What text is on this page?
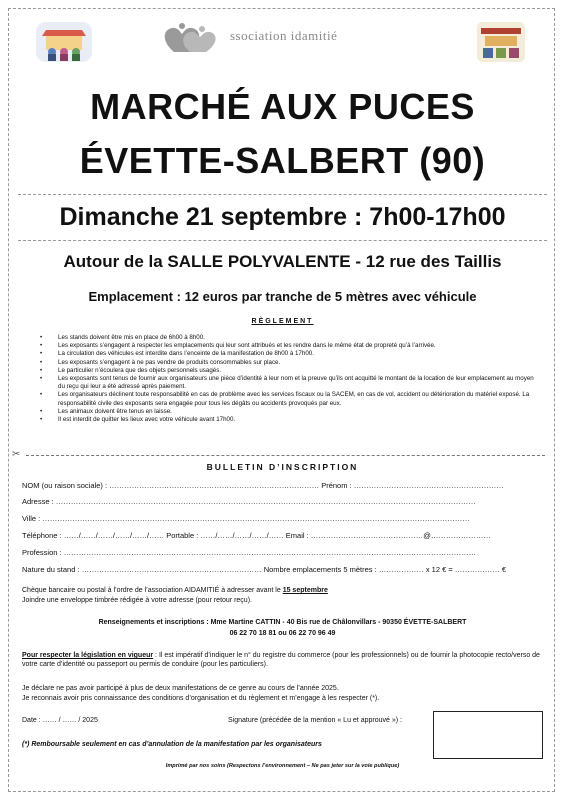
ssociation idamitié
MARCHÉ AUX PUCES
ÉVETTE-SALBERT (90)
Dimanche 21 septembre : 7h00-17h00
Autour de la SALLE POLYVALENTE - 12 rue des Taillis
Emplacement : 12 euros par tranche de 5 mètres avec véhicule
RÈGLEMENT
• Les stands doivent être mis en place de 6h00 à 8h00.
• Les exposants s’engagent à respecter les emplacements qui leur sont attribués et les rendre dans le même état de propreté qu’à l’arrivée.
• La circulation des véhicules est interdite dans l’enceinte de la manifestation de 8h00 à 17h00.
• Les exposants s’engagent à ne pas vendre de produits consommables sur place.
• Le particulier n’écoulera que des objets personnels usagés.
• Les exposants sont tenus de fournir aux organisateurs une pièce d’identité à leur nom et la preuve qu’ils ont acquitté le montant de la location de leur emplacement au moyen du reçu qui leur a été adressé après paiement.
• Les organisateurs déclinent toute responsabilité en cas de problème avec les services fiscaux ou la SACEM, en cas de vol, accident ou détérioration du matériel exposé. La responsabilité civile des exposants sera engagée pour tous les dégâts ou accidents provoqués par eux.
• Les animaux doivent être tenus en laisse.
• Il est interdit de quitter les lieux avec votre véhicule avant 17h00.
✂
BULLETIN D’INSCRIPTION
NOM (ou raison sociale) : ………………………………………………………………………… Prénom : ……………………………………………………
Adresse : ……………………………………………………………………………………………………………………………………………………
Ville : ………………………………………………………………………………………………………………………………………………………
Téléphone : ……/……/……/……/……/…… Portable : ……/……/……/……/…… Email : ………………………………………@……………………
Profession : …………………………………………………………………………………………………………………………………………………
Nature du stand : ……………………………………………………………… Nombre emplacements 5 mètres : ……………… x 12 € = ……………… €
Chèque bancaire ou postal à l’ordre de l’association AIDAMITIÉ à adresser avant le 15 septembre
Joindre une enveloppe timbrée rédigée à votre adresse (pour retour reçu).
Renseignements et inscriptions : Mme Martine CATTIN - 40 Bis rue de Châlonvillars - 90350 ÉVETTE-SALBERT
06 22 70 18 81 ou 06 22 70 96 49
Pour respecter la législation en vigueur : Il est impératif d’indiquer le n° du registre du commerce (pour les professionnels) ou de fournir la photocopie recto/verso de votre carte d’identité ou passeport ou permis de conduire (pour les particuliers).
Je déclare ne pas avoir participé à plus de deux manifestations de ce genre au cours de l’année 2025.
Je reconnais avoir pris connaissance des conditions d’organisation et du règlement et m’engage à les respecter (*).
Date : …… / …… / 2025	Signature (précédée de la mention « Lu et approuvé ») :
(*) Remboursable seulement en cas d’annulation de la manifestation par les organisateurs
Imprimé par nos soins (Respectons l’environnement – Ne pas jeter sur la voie publique)
